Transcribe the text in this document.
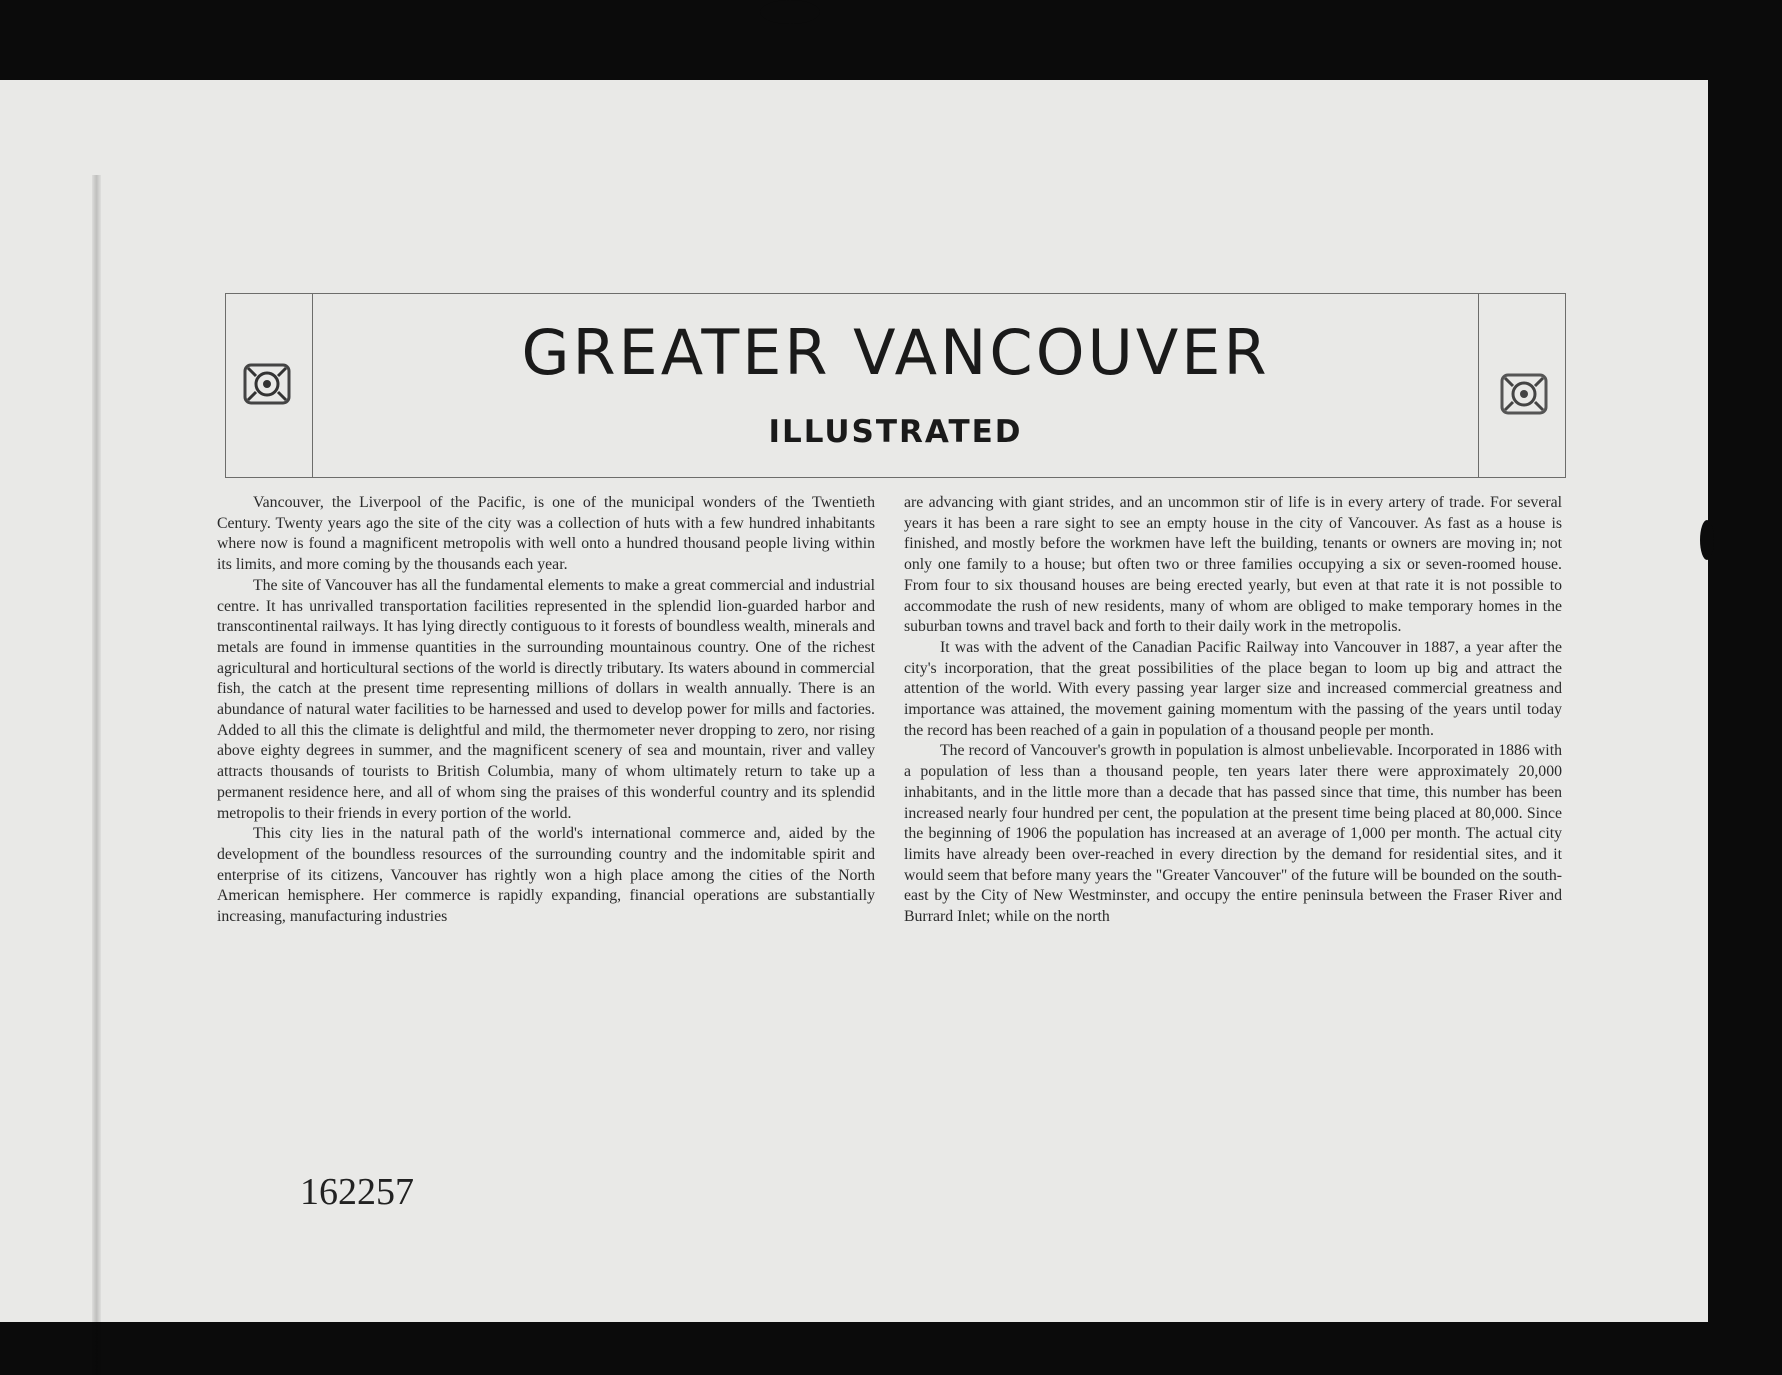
GREATER VANCOUVER
ILLUSTRATED

Vancouver, the Liverpool of the Pacific, is one of the municipal wonders of the Twentieth Century. Twenty years ago the site of the city was a collection of huts with a few hundred inhabitants where now is found a magnificent metropolis with well onto a hundred thousand people living within its limits, and more coming by the thousands each year.

The site of Vancouver has all the fundamental elements to make a great commercial and industrial centre. It has unrivalled transportation facilities represented in the splendid lion-guarded harbor and transcontinental railways. It has lying directly contiguous to it forests of boundless wealth, minerals and metals are found in immense quantities in the surrounding mountainous country. One of the richest agricultural and horticultural sections of the world is directly tributary. Its waters abound in commercial fish, the catch at the present time representing millions of dollars in wealth annually. There is an abundance of natural water facilities to be harnessed and used to develop power for mills and factories. Added to all this the climate is delightful and mild, the thermometer never dropping to zero, nor rising above eighty degrees in summer, and the magnificent scenery of sea and mountain, river and valley attracts thousands of tourists to British Columbia, many of whom ultimately return to take up a permanent residence here, and all of whom sing the praises of this wonderful country and its splendid metropolis to their friends in every portion of the world.

This city lies in the natural path of the world's international commerce and, aided by the development of the boundless resources of the surrounding country and the indomitable spirit and enterprise of its citizens, Vancouver has rightly won a high place among the cities of the North American hemisphere. Her commerce is rapidly expanding, financial operations are substantially increasing, manufacturing industries

are advancing with giant strides, and an uncommon stir of life is in every artery of trade. For several years it has been a rare sight to see an empty house in the city of Vancouver. As fast as a house is finished, and mostly before the workmen have left the building, tenants or owners are moving in; not only one family to a house; but often two or three families occupying a six or seven-roomed house. From four to six thousand houses are being erected yearly, but even at that rate it is not possible to accommodate the rush of new residents, many of whom are obliged to make temporary homes in the suburban towns and travel back and forth to their daily work in the metropolis.

It was with the advent of the Canadian Pacific Railway into Vancouver in 1887, a year after the city's incorporation, that the great possibilities of the place began to loom up big and attract the attention of the world. With every passing year larger size and increased commercial greatness and importance was attained, the movement gaining momentum with the passing of the years until today the record has been reached of a gain in population of a thousand people per month.

The record of Vancouver's growth in population is almost unbelievable. Incorporated in 1886 with a population of less than a thousand people, ten years later there were approximately 20,000 inhabitants, and in the little more than a decade that has passed since that time, this number has been increased nearly four hundred per cent, the population at the present time being placed at 80,000. Since the beginning of 1906 the population has increased at an average of 1,000 per month. The actual city limits have already been over-reached in every direction by the demand for residential sites, and it would seem that before many years the "Greater Vancouver" of the future will be bounded on the south-east by the City of New Westminster, and occupy the entire peninsula between the Fraser River and Burrard Inlet; while on the north

162257
